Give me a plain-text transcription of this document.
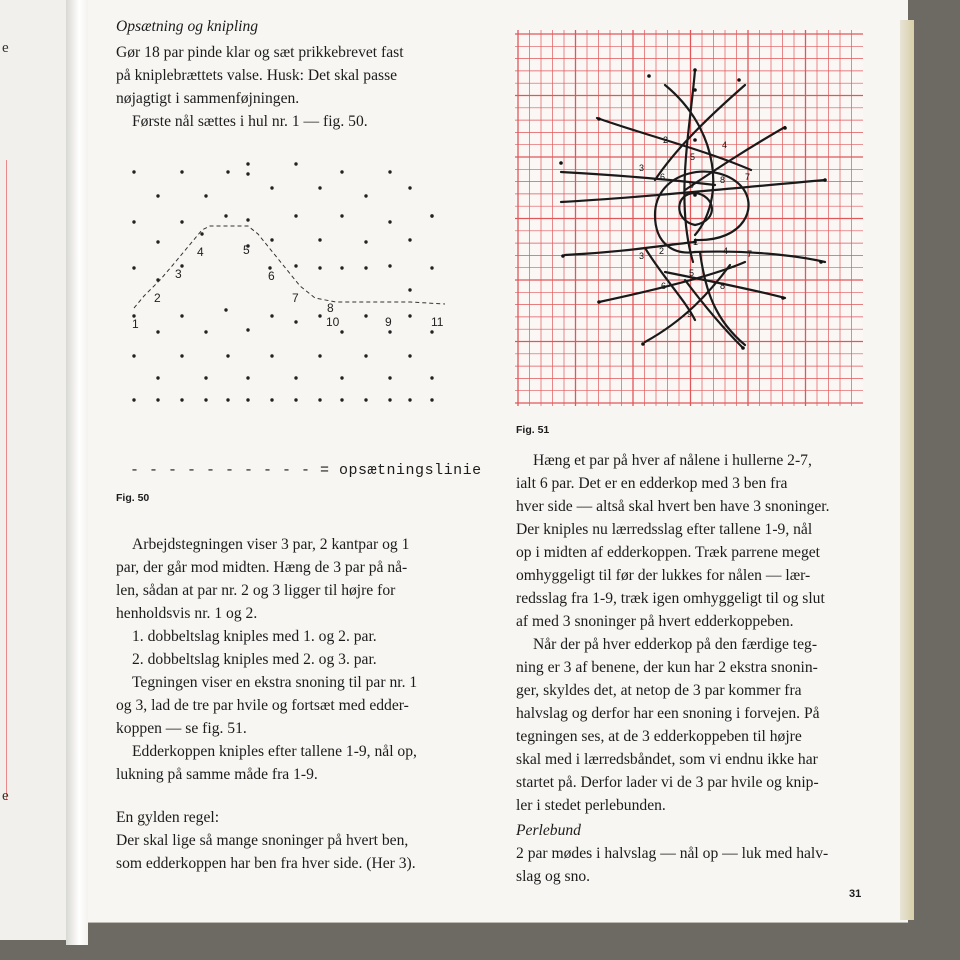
e
e
Opsætning og knipling
Gør 18 par pinde klar og sæt prikkebrevet fast
på kniplebrættets valse. Husk: Det skal passe
nøjagtigt i sammenføjningen.
Første nål sættes i hul nr. 1 — fig. 50.
1
2
3
4	5
6
7
8
10	9	11
- - - - - - - - - - = opsætningslinie
Fig. 50
Arbejdstegningen viser 3 par, 2 kantpar og 1
par, der går mod midten. Hæng de 3 par på nå-
len, sådan at par nr. 2 og 3 ligger til højre for
henholdsvis nr. 1 og 2.
1. dobbeltslag kniples med 1. og 2. par.
2. dobbeltslag kniples med 2. og 3. par.
Tegningen viser en ekstra snoning til par nr. 1
og 3, lad de tre par hvile og fortsæt med edder-
koppen — se fig. 51.
Edderkoppen kniples efter tallene 1-9, nål op,
lukning på samme måde fra 1-9.
En gylden regel:
Der skal lige så mange snoninger på hvert ben,
som edderkoppen har ben fra hver side. (Her 3).
2	4
5
3
6
9	8 7
1
2
3	4 7
5
6	8
9
Fig. 51
Hæng et par på hver af nålene i hullerne 2-7,
ialt 6 par. Det er en edderkop med 3 ben fra
hver side — altså skal hvert ben have 3 snoninger.
Der kniples nu lærredsslag efter tallene 1-9, nål
op i midten af edderkoppen. Træk parrene meget
omhyggeligt til før der lukkes for nålen — lær-
redsslag fra 1-9, træk igen omhyggeligt til og slut
af med 3 snoninger på hvert edderkoppeben.
Når der på hver edderkop på den færdige teg-
ning er 3 af benene, der kun har 2 ekstra snonin-
ger, skyldes det, at netop de 3 par kommer fra
halvslag og derfor har een snoning i forvejen. På
tegningen ses, at de 3 edderkoppeben til højre
skal med i lærredsbåndet, som vi endnu ikke har
startet på. Derfor lader vi de 3 par hvile og knip-
ler i stedet perlebunden.
Perlebund
2 par mødes i halvslag — nål op — luk med halv-
slag og sno.
31
